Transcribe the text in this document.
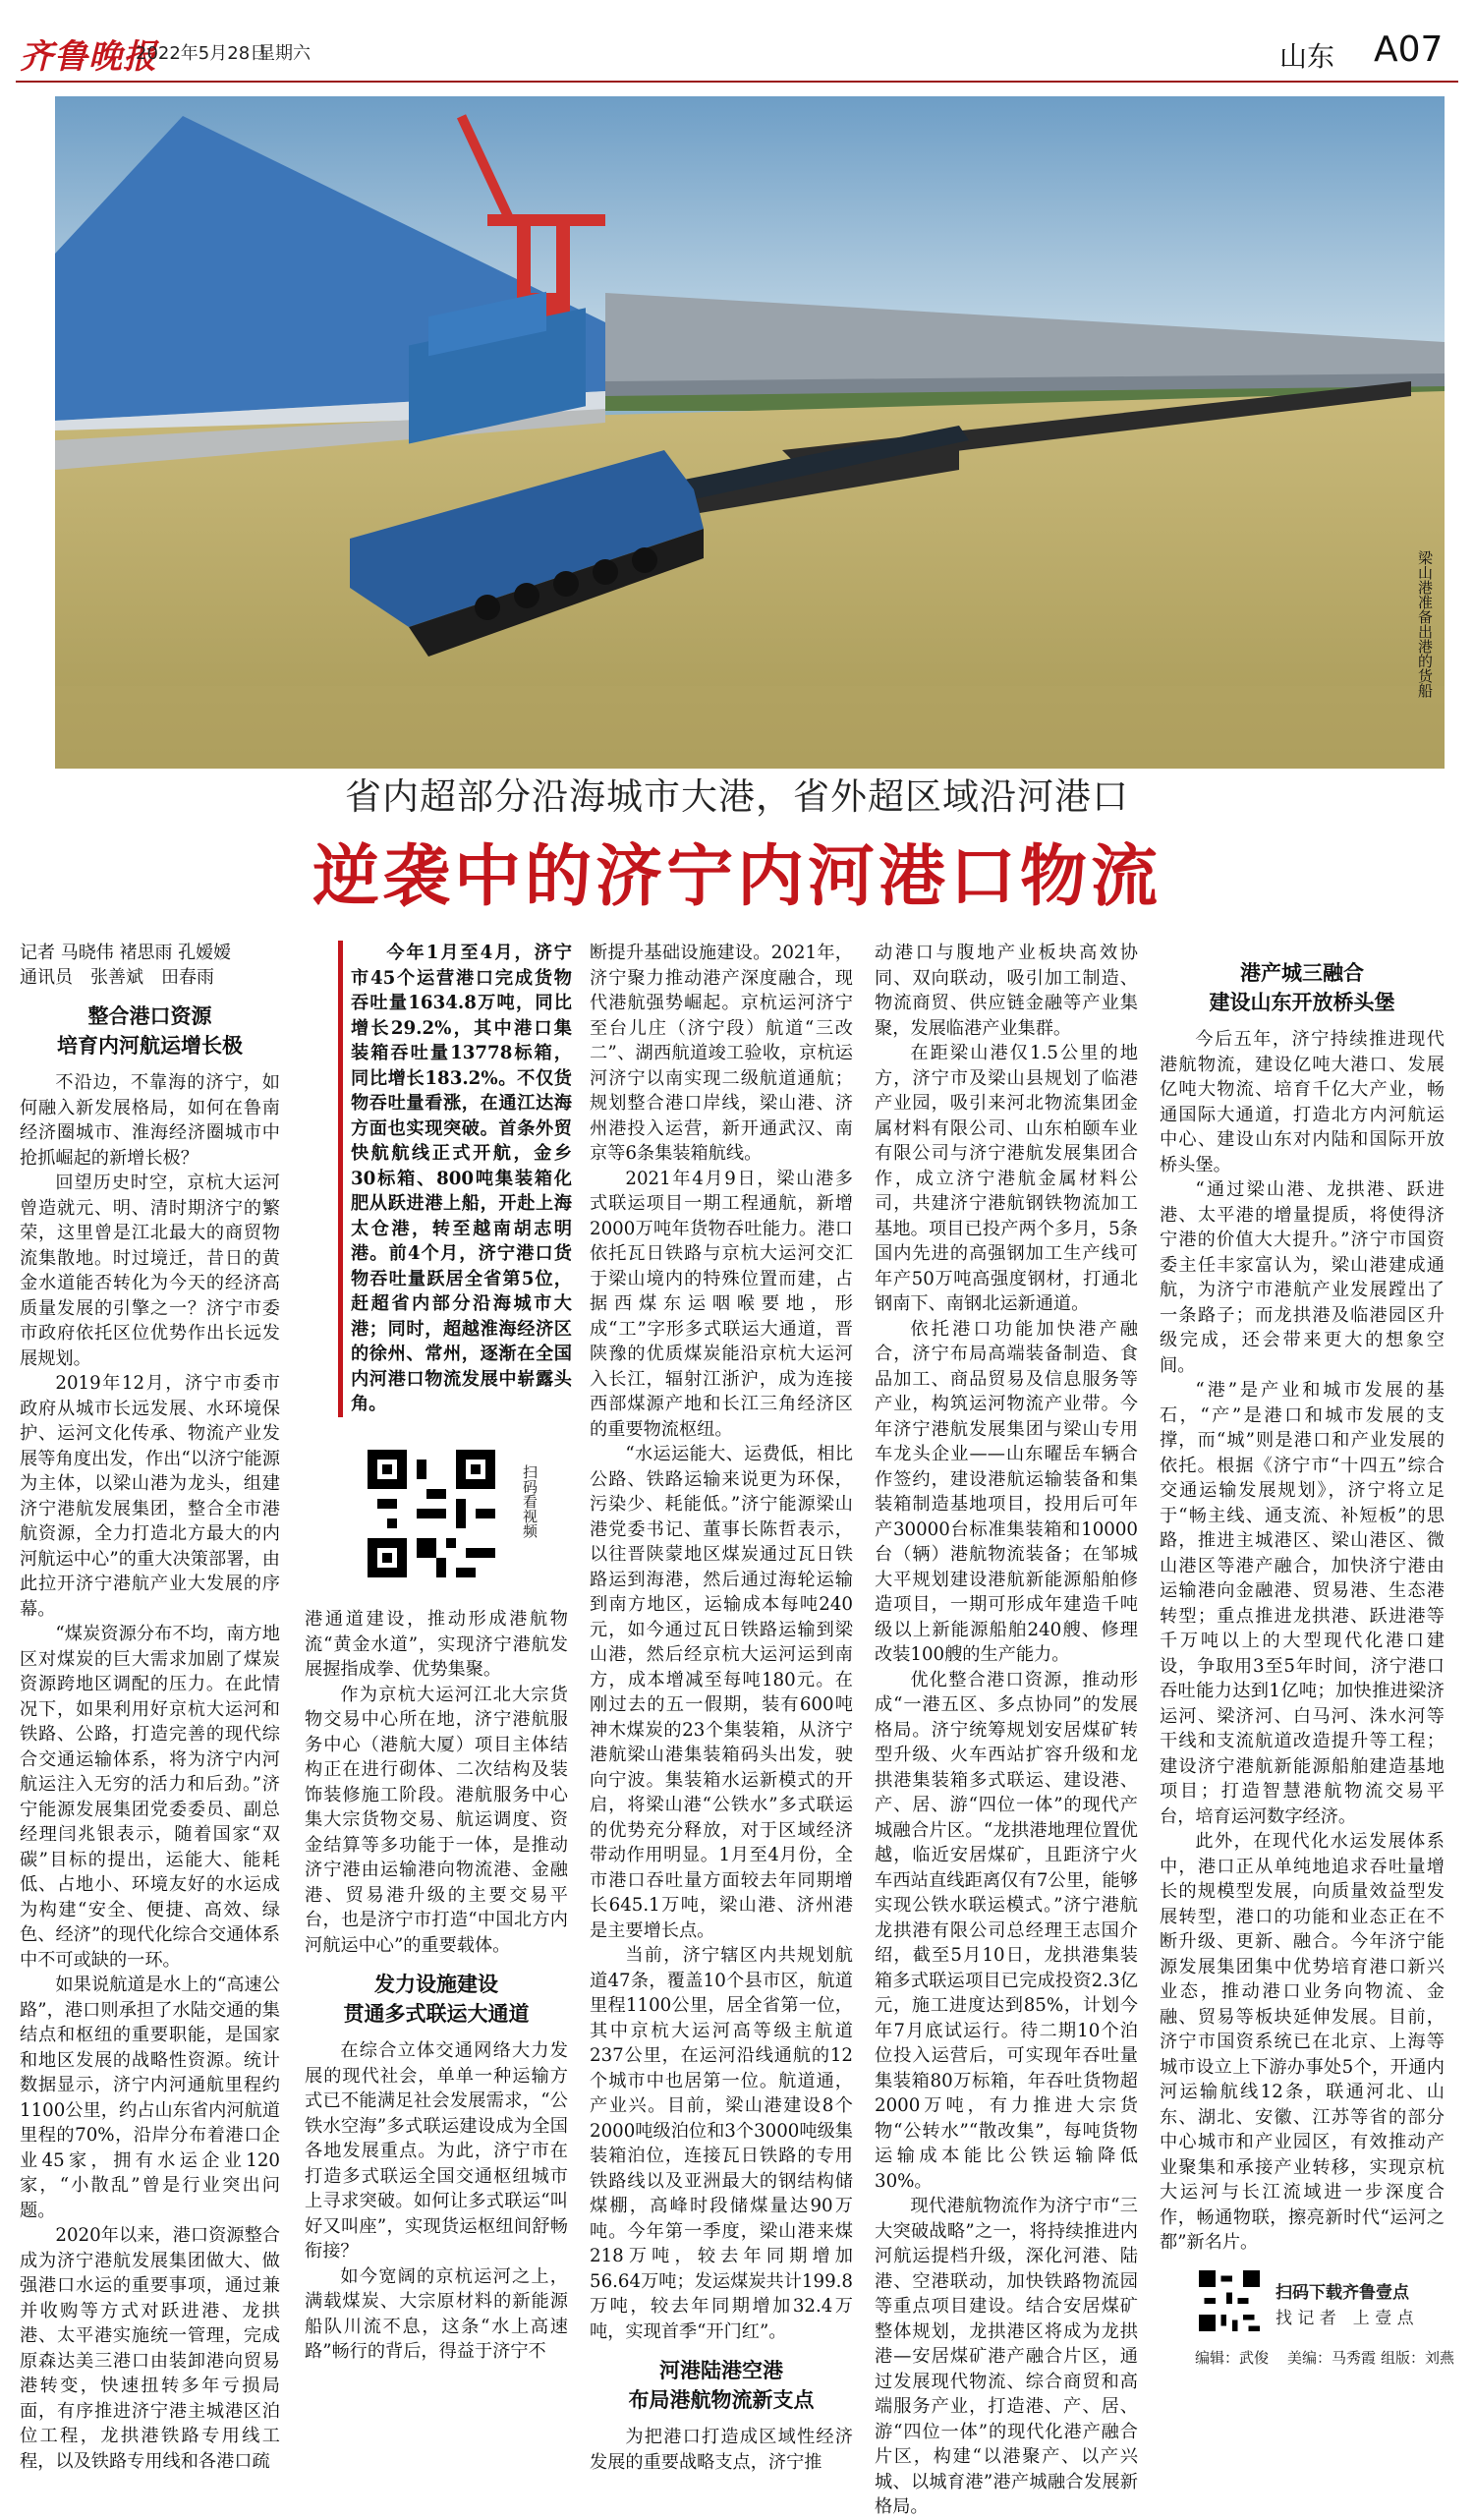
齐鲁晚报
2022年5月28日
星期六	山东 A07
梁山港准备出港的货船
省内超部分沿海城市大港，省外超区域沿河港口
逆袭中的济宁内河港口物流
记者 马晓伟 褚思雨 孔嫒嫒
通讯员　张善斌　田春雨
整合港口资源
培育内河航运增长极

不沿边，不靠海的济宁，如何融入新发展格局，如何在鲁南经济圈城市、淮海经济圈城市中抢抓崛起的新增长极？

回望历史时空，京杭大运河曾造就元、明、清时期济宁的繁荣，这里曾是江北最大的商贸物流集散地。时过境迁，昔日的黄金水道能否转化为今天的经济高质量发展的引擎之一？济宁市委市政府依托区位优势作出长远发展规划。

2019年12月，济宁市委市政府从城市长远发展、水环境保护、运河文化传承、物流产业发展等角度出发，作出“以济宁能源为主体，以梁山港为龙头，组建济宁港航发展集团，整合全市港航资源，全力打造北方最大的内河航运中心”的重大决策部署，由此拉开济宁港航产业大发展的序幕。

“煤炭资源分布不均，南方地区对煤炭的巨大需求加剧了煤炭资源跨地区调配的压力。在此情况下，如果利用好京杭大运河和铁路、公路，打造完善的现代综合交通运输体系，将为济宁内河航运注入无穷的活力和后劲。”济宁能源发展集团党委委员、副总经理闫兆银表示，随着国家“双碳”目标的提出，运能大、能耗低、占地小、环境友好的水运成为构建“安全、便捷、高效、绿色、经济”的现代化综合交通体系中不可或缺的一环。

如果说航道是水上的“高速公路”，港口则承担了水陆交通的集结点和枢纽的重要职能，是国家和地区发展的战略性资源。统计数据显示，济宁内河通航里程约1100公里，约占山东省内河航道里程的70%，沿岸分布着港口企业45家，拥有水运企业120家，“小散乱”曾是行业突出问题。

2020年以来，港口资源整合成为济宁港航发展集团做大、做强港口水运的重要事项，通过兼并收购等方式对跃进港、龙拱港、太平港实施统一管理，完成原森达美三港口由装卸港向贸易港转变，快速扭转多年亏损局面，有序推进济宁港主城港区泊位工程，龙拱港铁路专用线工程，以及铁路专用线和各港口疏

今年1月至4月，济宁市45个运营港口完成货物吞吐量1634.8万吨，同比增长29.2%，其中港口集装箱吞吐量13778标箱，同比增长183.2%。不仅货物吞吐量看涨，在通江达海方面也实现突破。首条外贸快航航线正式开航，金乡30标箱、800吨集装箱化肥从跃进港上船，开赴上海太仓港，转至越南胡志明港。前4个月，济宁港口货物吞吐量跃居全省第5位，赶超省内部分沿海城市大港；同时，超越淮海经济区的徐州、常州，逐渐在全国内河港口物流发展中崭露头角。

扫码看视频

港通道建设，推动形成港航物流“黄金水道”，实现济宁港航发展握指成拳、优势集聚。

作为京杭大运河江北大宗货物交易中心所在地，济宁港航服务中心（港航大厦）项目主体结构正在进行砌体、二次结构及装饰装修施工阶段。港航服务中心集大宗货物交易、航运调度、资金结算等多功能于一体，是推动济宁港由运输港向物流港、金融港、贸易港升级的主要交易平台，也是济宁市打造“中国北方内河航运中心”的重要载体。

发力设施建设
贯通多式联运大通道

在综合立体交通网络大力发展的现代社会，单单一种运输方式已不能满足社会发展需求，“公铁水空海”多式联运建设成为全国各地发展重点。为此，济宁市在打造多式联运全国交通枢纽城市上寻求突破。如何让多式联运“叫好又叫座”，实现货运枢纽间舒畅衔接？

如今宽阔的京杭运河之上，满载煤炭、大宗原材料的新能源船队川流不息，这条“水上高速路”畅行的背后，得益于济宁不

断提升基础设施建设。2021年，济宁聚力推动港产深度融合，现代港航强势崛起。京杭运河济宁至台儿庄（济宁段）航道“三改二”、湖西航道竣工验收，京杭运河济宁以南实现二级航道通航；规划整合港口岸线，梁山港、济州港投入运营，新开通武汉、南京等6条集装箱航线。

2021年4月9日，梁山港多式联运项目一期工程通航，新增2000万吨年货物吞吐能力。港口依托瓦日铁路与京杭大运河交汇于梁山境内的特殊位置而建，占据西煤东运咽喉要地，形成“工”字形多式联运大通道，晋陕豫的优质煤炭能沿京杭大运河入长江，辐射江浙沪，成为连接西部煤源产地和长江三角经济区的重要物流枢纽。

“水运运能大、运费低，相比公路、铁路运输来说更为环保，污染少、耗能低。”济宁能源梁山港党委书记、董事长陈哲表示，以往晋陕蒙地区煤炭通过瓦日铁路运到海港，然后通过海轮运输到南方地区，运输成本每吨240元，如今通过瓦日铁路运输到梁山港，然后经京杭大运河运到南方，成本增减至每吨180元。在刚过去的五一假期，装有600吨神木煤炭的23个集装箱，从济宁港航梁山港集装箱码头出发，驶向宁波。集装箱水运新模式的开启，将梁山港“公铁水”多式联运的优势充分释放，对于区域经济带动作用明显。1月至4月份，全市港口吞吐量方面较去年同期增长645.1万吨，梁山港、济州港是主要增长点。

当前，济宁辖区内共规划航道47条，覆盖10个县市区，航道里程1100公里，居全省第一位，其中京杭大运河高等级主航道237公里，在运河沿线通航的12个城市中也居第一位。航道通，产业兴。目前，梁山港建设8个2000吨级泊位和3个3000吨级集装箱泊位，连接瓦日铁路的专用铁路线以及亚洲最大的钢结构储煤棚，高峰时段储煤量达90万吨。今年第一季度，梁山港来煤218万吨，较去年同期增加56.64万吨；发运煤炭共计199.8万吨，较去年同期增加32.4万吨，实现首季“开门红”。

河港陆港空港
布局港航物流新支点

为把港口打造成区域性经济发展的重要战略支点，济宁推

动港口与腹地产业板块高效协同、双向联动，吸引加工制造、物流商贸、供应链金融等产业集聚，发展临港产业集群。

在距梁山港仅1.5公里的地方，济宁市及梁山县规划了临港产业园，吸引来河北物流集团金属材料有限公司、山东柏颐车业有限公司与济宁港航发展集团合作，成立济宁港航金属材料公司，共建济宁港航钢铁物流加工基地。项目已投产两个多月，5条国内先进的高强钢加工生产线可年产50万吨高强度钢材，打通北钢南下、南钢北运新通道。

依托港口功能加快港产融合，济宁布局高端装备制造、食品加工、商品贸易及信息服务等产业，构筑运河物流产业带。今年济宁港航发展集团与梁山专用车龙头企业——山东曜岳车辆合作签约，建设港航运输装备和集装箱制造基地项目，投用后可年产30000台标准集装箱和10000台（辆）港航物流装备；在邹城大平规划建设港航新能源船舶修造项目，一期可形成年建造千吨级以上新能源船舶240艘、修理改装100艘的生产能力。

优化整合港口资源，推动形成“一港五区、多点协同”的发展格局。济宁统筹规划安居煤矿转型升级、火车西站扩容升级和龙拱港集装箱多式联运、建设港、产、居、游“四位一体”的现代产城融合片区。“龙拱港地理位置优越，临近安居煤矿，且距济宁火车西站直线距离仅有7公里，能够实现公铁水联运模式。”济宁港航龙拱港有限公司总经理王志国介绍，截至5月10日，龙拱港集装箱多式联运项目已完成投资2.3亿元，施工进度达到85%，计划今年7月底试运行。待二期10个泊位投入运营后，可实现年吞吐量集装箱80万标箱，年吞吐货物超2000万吨，有力推进大宗货物“公转水”“散改集”，每吨货物运输成本能比公铁运输降低30%。

现代港航物流作为济宁市“三大突破战略”之一，将持续推进内河航运提档升级，深化河港、陆港、空港联动，加快铁路物流园等重点项目建设。结合安居煤矿整体规划，龙拱港区将成为龙拱港—安居煤矿港产融合片区，通过发展现代物流、综合商贸和高端服务产业，打造港、产、居、游“四位一体”的现代化港产融合片区，构建“以港聚产、以产兴城、以城育港”港产城融合发展新格局。

港产城三融合
建设山东开放桥头堡

今后五年，济宁持续推进现代港航物流，建设亿吨大港口、发展亿吨大物流、培育千亿大产业，畅通国际大通道，打造北方内河航运中心、建设山东对内陆和国际开放桥头堡。

“通过梁山港、龙拱港、跃进港、太平港的增量提质，将使得济宁港的价值大大提升。”济宁市国资委主任丰家富认为，梁山港建成通航，为济宁市港航产业发展蹚出了一条路子；而龙拱港及临港园区升级完成，还会带来更大的想象空间。

“港”是产业和城市发展的基石，“产”是港口和城市发展的支撑，而“城”则是港口和产业发展的依托。根据《济宁市“十四五”综合交通运输发展规划》，济宁将立足于“畅主线、通支流、补短板”的思路，推进主城港区、梁山港区、微山港区等港产融合，加快济宁港由运输港向金融港、贸易港、生态港转型；重点推进龙拱港、跃进港等千万吨以上的大型现代化港口建设，争取用3至5年时间，济宁港口吞吐能力达到1亿吨；加快推进梁济运河、梁济河、白马河、洙水河等干线和支流航道改造提升等工程；建设济宁港航新能源船舶建造基地项目；打造智慧港航物流交易平台，培育运河数字经济。

此外，在现代化水运发展体系中，港口正从单纯地追求吞吐量增长的规模型发展，向质量效益型发展转型，港口的功能和业态正在不断升级、更新、融合。今年济宁能源发展集团集中优势培育港口新兴业态，推动港口业务向物流、金融、贸易等板块延伸发展。目前，济宁市国资系统已在北京、上海等城市设立上下游办事处5个，开通内河运输航线12条，联通河北、山东、湖北、安徽、江苏等省的部分中心城市和产业园区，有效推动产业聚集和承接产业转移，实现京杭大运河与长江流域进一步深度合作，畅通物联，擦亮新时代“运河之都”新名片。

扫码下载齐鲁壹点
找 记 者　上 壹 点
编辑：武俊 美编：马秀霞 组版：刘燕
